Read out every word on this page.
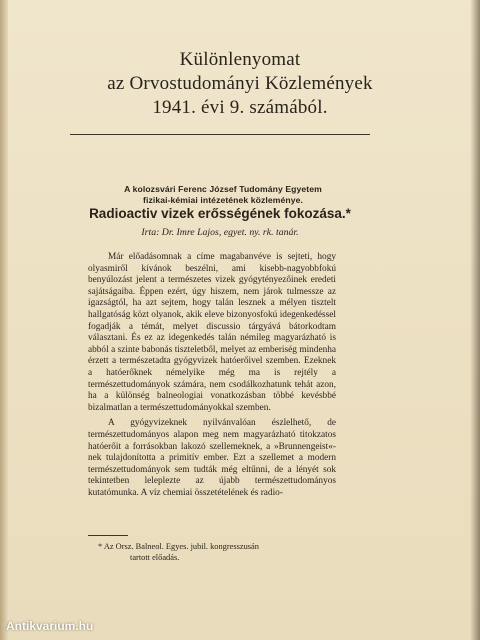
Különlenyomat
az Orvostudományi Közlemények
1941. évi 9. számából.
A kolozsvári Ferenc József Tudomány Egyetem
fizikai-kémiai intézetének közleménye.
Radioactiv vizek erősségének fokozása.*
Irta: Dr. Imre Lajos, egyet. ny. rk. tanár.

Már előadásomnak a címe magabanvéve is sejteti, hogy olyasmiről kívánok beszélni, ami kisebb-nagyobbfokú benyúlozást jelent a természetes vizek gyógytényezőinek eredeti sajátságaiba. Éppen ezért, úgy hiszem, nem járok tulmessze az igazságtól, ha azt sejtem, hogy talán lesznek a mélyen tisztelt hallgatóság közt olyanok, akik eleve bizonyosfokú idegenkedéssel fogadják a témát, melyet discussio tárgyává bátorkodtam választani. És ez az idegenkedés talán némileg magyarázható is abból a szinte babonás tiszteletből, melyet az emberiség mindenha érzett a természetadta gyógyvizek hatóerőivel szemben. Ezeknek a hatóerőknek némelyike még ma is rejtély a természettudományok számára, nem csodálkozhatunk tehát azon, ha a különség balneologiai vonatkozásban többé kevésbbé bizalmatlan a természettudományokkal szemben.

A gyógyvizeknek nyilvánvalóan észlelhető, de természettudományos alapon meg nem magyarázható titokzatos hatóerőit a forrásokban lakozó szellemeknek, a »Brunnengeist«-nek tulajdonította a primitív ember. Ezt a szellemet a modern természettudományok sem tudták még eltűnni, de a lényét sok tekintetben leleplezte az újabb természettudományos kutatómunka. A víz chemiai összetételének és radio-

* Az Orsz. Balneol. Egyes. jubil. kongresszusán

tartott előadás.
Antikvarium.hu
